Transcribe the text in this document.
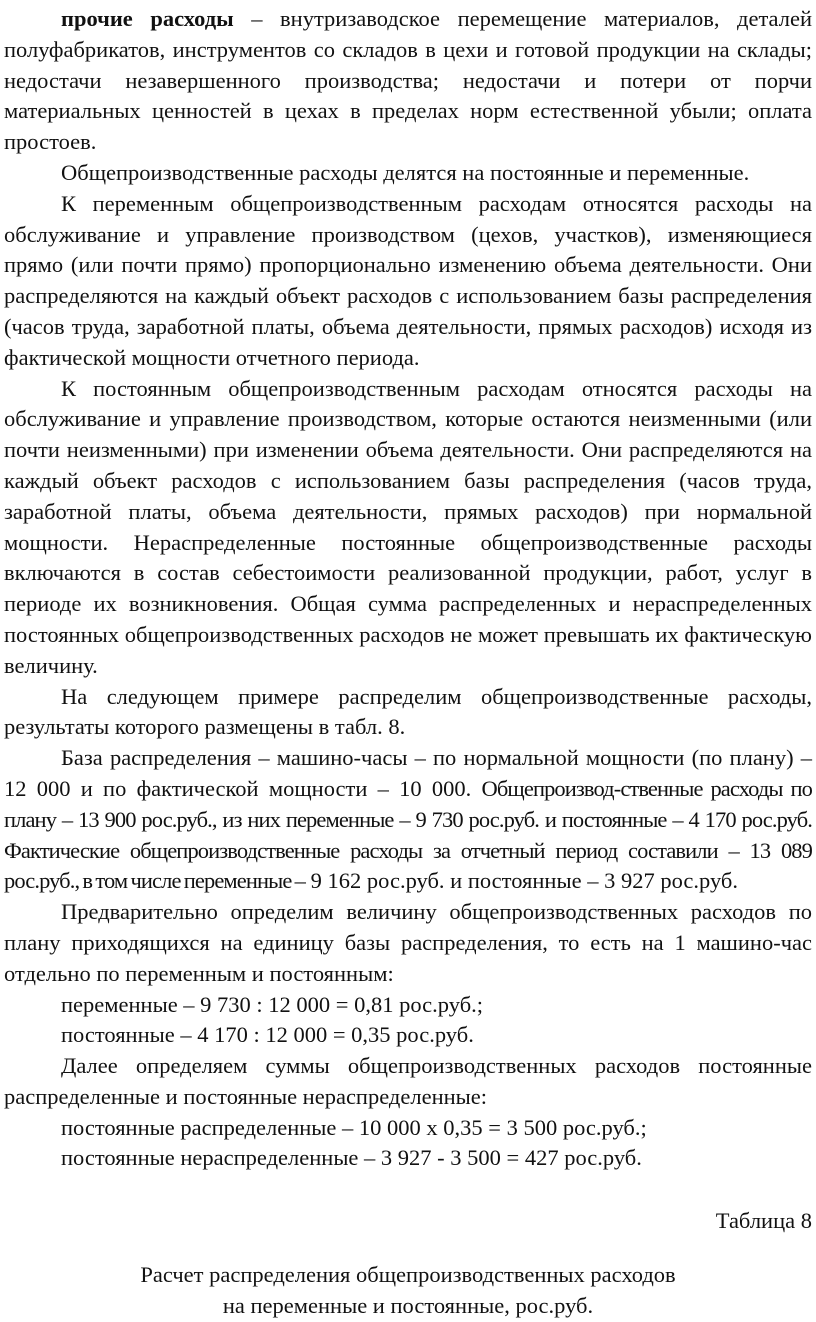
прочие расходы – внутризаводское перемещение материалов, деталей полуфабрикатов, инструментов со складов в цехи и готовой продукции на склады; недостачи незавершенного производства; недостачи и потери от порчи материальных ценностей в цехах в пределах норм естественной убыли; оплата простоев.

Общепроизводственные расходы делятся на постоянные и переменные.

К переменным общепроизводственным расходам относятся расходы на обслуживание и управление производством (цехов, участков), изменяющиеся прямо (или почти прямо) пропорционально изменению объема деятельности. Они распределяются на каждый объект расходов с использованием базы распределения (часов труда, заработной платы, объема деятельности, прямых расходов) исходя из фактической мощности отчетного периода.

К постоянным общепроизводственным расходам относятся расходы на обслуживание и управление производством, которые остаются неизменными (или почти неизменными) при изменении объема деятельности. Они распределяются на каждый объект расходов с использованием базы распределения (часов труда, заработной платы, объема деятельности, прямых расходов) при нормальной мощности. Нераспределенные постоянные общепроизводственные расходы включаются в состав себестоимости реализованной продукции, работ, услуг в периоде их возникновения. Общая сумма распределенных и нераспределенных постоянных общепроизводственных расходов не может превышать их фактическую величину.

На следующем примере распределим общепроизводственные расходы, результаты которого размещены в табл. 8.

База распределения – машино-часы – по нормальной мощности (по плану) – 12 000 и по фактической мощности – 10 000. Общепроизвод-ственные расходы по плану – 13 900 рос.руб., из них переменные – 9 730 рос.руб. и постоянные – 4 170 рос.руб. Фактические общепроизводственные расходы за отчетный период составили – 13 089 рос.руб., в том числе переменные – 9 162 рос.руб. и постоянные – 3 927 рос.руб.

Предварительно определим величину общепроизводственных расходов по плану приходящихся на единицу базы распределения, то есть на 1 машино-час отдельно по переменным и постоянным:

переменные – 9 730 : 12 000 = 0,81 рос.руб.;

постоянные – 4 170 : 12 000 = 0,35 рос.руб.

Далее определяем суммы общепроизводственных расходов постоянные распределенные и постоянные нераспределенные:

постоянные распределенные – 10 000 х 0,35 = 3 500 рос.руб.;

постоянные нераспределенные – 3 927 - 3 500 = 427 рос.руб.

Таблица 8

Расчет распределения общепроизводственных расходов
на переменные и постоянные, рос.руб.
